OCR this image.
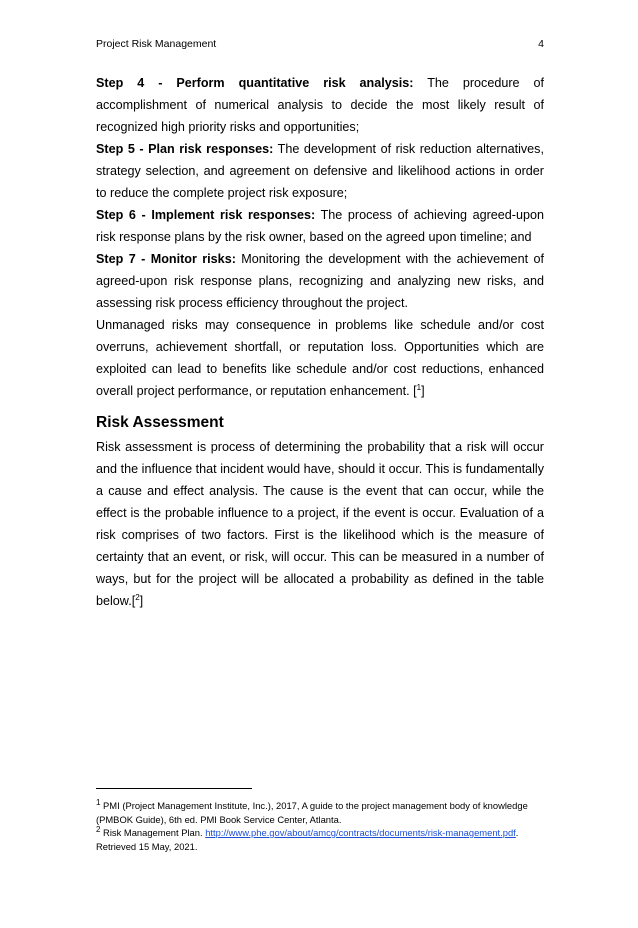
Project Risk Management	4

Step 4 - Perform quantitative risk analysis: The procedure of accomplishment of numerical analysis to decide the most likely result of recognized high priority risks and opportunities;

Step 5 - Plan risk responses: The development of risk reduction alternatives, strategy selection, and agreement on defensive and likelihood actions in order to reduce the complete project risk exposure;

Step 6 - Implement risk responses: The process of achieving agreed-upon risk response plans by the risk owner, based on the agreed upon timeline; and

Step 7 - Monitor risks: Monitoring the development with the achievement of agreed-upon risk response plans, recognizing and analyzing new risks, and assessing risk process efficiency throughout the project.

Unmanaged risks may consequence in problems like schedule and/or cost overruns, achievement shortfall, or reputation loss. Opportunities which are exploited can lead to benefits like schedule and/or cost reductions, enhanced overall project performance, or reputation enhancement. [$^1$]

Risk Assessment

Risk assessment is process of determining the probability that a risk will occur and the influence that incident would have, should it occur. This is fundamentally a cause and effect analysis. The cause is the event that can occur, while the effect is the probable influence to a project, if the event is occur. Evaluation of a risk comprises of two factors. First is the likelihood which is the measure of certainty that an event, or risk, will occur. This can be measured in a number of ways, but for the project will be allocated a probability as defined in the table below.[$^2$]

$^1$ PMI (Project Management Institute, Inc.), 2017, A guide to the project management body of knowledge (PMBOK Guide), 6th ed. PMI Book Service Center, Atlanta.

$^2$ Risk Management Plan. http://www.phe.gov/about/amcg/contracts/documents/risk-management.pdf. Retrieved 15 May, 2021.
